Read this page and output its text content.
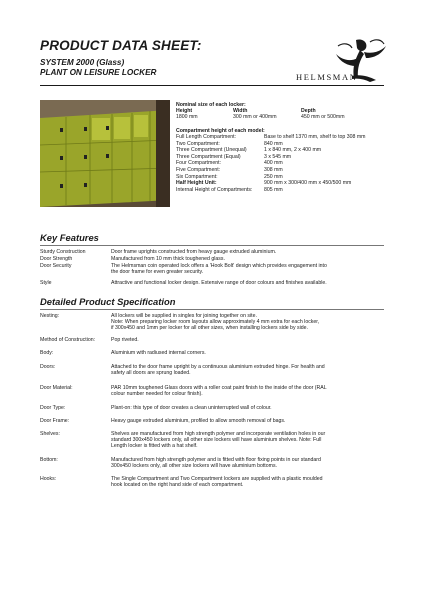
PRODUCT DATA SHEET:
SYSTEM 2000 (Glass)
PLANT ON LEISURE LOCKER	HELMSMAN
Nominal size of each locker:
Height	Width	Depth
1800 mm	300 mm or 400mm	450 mm or 500mm
Compartment height of each model:
Full Length Compartment:	Base to shelf 1370 mm, shelf to top 308 mm
Two Compartment:	840 mm
Three Compartment (Unequal)	1 x 840 mm, 2 x 400 mm
Three Compartment (Equal)	3 x 545 mm
Four Compartment:	400 mm
Five Compartment:	308 mm
Six Compartment:	250 mm
Half Height Unit:	900 mm x 300/400 mm x 450/500 mm
Internal Height of Compartments: 805 mm
Key Features
Sturdy Construction	Door frame uprights constructed from heavy gauge extruded aluminium.
Door Strength	Manufactured from 10 mm thick toughened glass.
Door Security	The Helmsman coin operated lock offers a 'Hook Bolt' design which provides engagement into
the door frame for even greater security.
Style	Attractive and functional locker design. Extensive range of door colours and finishes available.
Detailed Product Specification
Nesting:	All lockers will be supplied in singles for joining together on site.
Note: When preparing locker room layouts allow approximately 4 mm extra for each locker,
if 300x450 and 1mm per locker for all other sizes, when installing lockers side by side.
Method of Construction:	Pop riveted.
Body:	Aluminium with radiused internal corners.
Doors:	Attached to the door frame upright by a continuous aluminium extruded hinge. For health and
safety all doors are sprung loaded.
Door Material:	PAR 10mm toughened Glass doors with a roller coat paint finish to the inside of the door (RAL
colour number needed for colour finish).
Door Type:	Plant-on: this type of door creates a clean uninterrupted wall of colour.
Door Frame:	Heavy gauge extruded aluminium, profiled to allow smooth removal of bags.
Shelves:	Shelves are manufactured from high strength polymer and incorporate ventilation holes in our
standard 300x450 lockers only, all other size lockers will have aluminium shelves. Note: Full
Length locker is fitted with a hat shelf.
Bottom:	Manufactured from high strength polymer and is fitted with floor fixing points in our standard
300x450 lockers only, all other size lockers will have aluminium bottoms.
Hooks:	The Single Compartment and Two Compartment lockers are supplied with a plastic moulded
hook located on the right hand side of each compartment.
